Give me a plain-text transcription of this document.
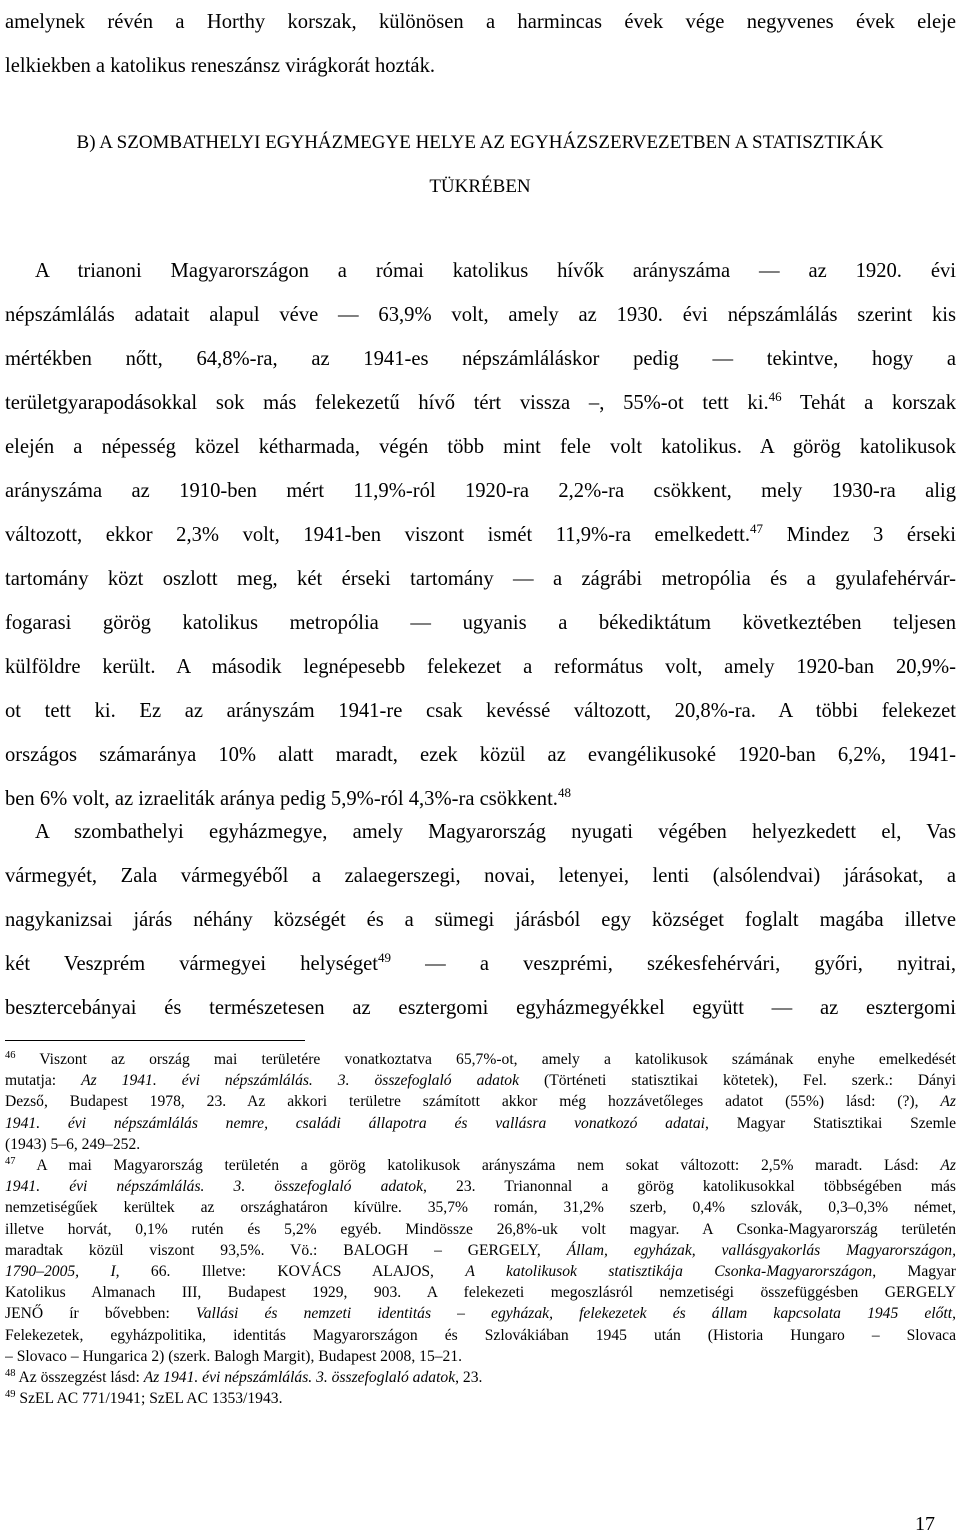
amelynek révén a Horthy korszak, különösen a harmincas évek vége negyvenes évek eleje
lelkiekben a katolikus reneszánsz virágkorát hozták.
B) A SZOMBATHELYI EGYHÁZMEGYE HELYE AZ EGYHÁZSZERVEZETBEN A STATISZTIKÁK
TÜKRÉBEN
A trianoni Magyarországon a római katolikus hívők arányszáma — az 1920. évi
népszámlálás adatait alapul véve — 63,9% volt, amely az 1930. évi népszámlálás szerint kis
mértékben nőtt, 64,8%-ra, az 1941-es népszámláláskor pedig — tekintve, hogy a
területgyarapodásokkal sok más felekezetű hívő tért vissza –, 55%-ot tett ki.$^{46}$ Tehát a korszak
elején a népesség közel kétharmada, végén több mint fele volt katolikus. A görög katolikusok
arányszáma az 1910-ben mért 11,9%-ról 1920-ra 2,2%-ra csökkent, mely 1930-ra alig
változott, ekkor 2,3% volt, 1941-ben viszont ismét 11,9%-ra emelkedett.$^{47}$ Mindez 3 érseki
tartomány közt oszlott meg, két érseki tartomány — a zágrábi metropólia és a gyulafehérvár-
fogarasi görög katolikus metropólia — ugyanis a békediktátum következtében teljesen
külföldre került. A második legnépesebb felekezet a református volt, amely 1920-ban 20,9%-
ot tett ki. Ez az arányszám 1941-re csak kevéssé változott, 20,8%-ra. A többi felekezet
országos számaránya 10% alatt maradt, ezek közül az evangélikusoké 1920-ban 6,2%, 1941-
ben 6% volt, az izraeliták aránya pedig 5,9%-ról 4,3%-ra csökkent.$^{48}$
A szombathelyi egyházmegye, amely Magyarország nyugati végében helyezkedett el, Vas
vármegyét, Zala vármegyéből a zalaegerszegi, novai, letenyei, lenti (alsólendvai) járásokat, a
nagykanizsai járás néhány községét és a sümegi járásból egy községet foglalt magába illetve
két Veszprém vármegyei helységet$^{49}$ — a veszprémi, székesfehérvári, győri, nyitrai,
besztercebányai és természetesen az esztergomi egyházmegyékkel együtt — az esztergomi
$^{46}$ Viszont az ország mai területére vonatkoztatva 65,7%-ot, amely a katolikusok számának enyhe emelkedését
mutatja: Az 1941. évi népszámlálás. 3. összefoglaló adatok (Történeti statisztikai kötetek), Fel. szerk.: Dányi
Dezső, Budapest 1978, 23. Az akkori területre számított akkor még hozzávetőleges adatot (55%) lásd: (?), Az
1941. évi népszámlálás nemre, családi állapotra és vallásra vonatkozó adatai, Magyar Statisztikai Szemle
(1943) 5–6, 249–252.
$^{47}$ A mai Magyarország területén a görög katolikusok arányszáma nem sokat változott: 2,5% maradt. Lásd: Az
1941. évi népszámlálás. 3. összefoglaló adatok, 23. Trianonnal a görög katolikusokkal többségében más
nemzetiségűek kerültek az országhatáron kívülre. 35,7% román, 31,2% szerb, 0,4% szlovák, 0,3–0,3% német,
illetve horvát, 0,1% rutén és 5,2% egyéb. Mindössze 26,8%-uk volt magyar. A Csonka-Magyarország területén
maradtak közül viszont 93,5%. Vö.: BALOGH – GERGELY, Állam, egyházak, vallásgyakorlás Magyarországon,
1790–2005, I, 66. Illetve: KOVÁCS ALAJOS, A katolikusok statisztikája Csonka-Magyarországon, Magyar
Katolikus Almanach III, Budapest 1929, 903. A felekezeti megoszlásról nemzetiségi összefüggésben GERGELY
JENŐ ír bővebben: Vallási és nemzeti identitás – egyházak, felekezetek és állam kapcsolata 1945 előtt,
Felekezetek, egyházpolitika, identitás Magyarországon és Szlovákiában 1945 után (Historia Hungaro – Slovaca
– Slovaco – Hungarica 2) (szerk. Balogh Margit), Budapest 2008, 15–21.
$^{48}$ Az összegzést lásd: Az 1941. évi népszámlálás. 3. összefoglaló adatok, 23.
$^{49}$ SzEL AC 771/1941; SzEL AC 1353/1943.
17
